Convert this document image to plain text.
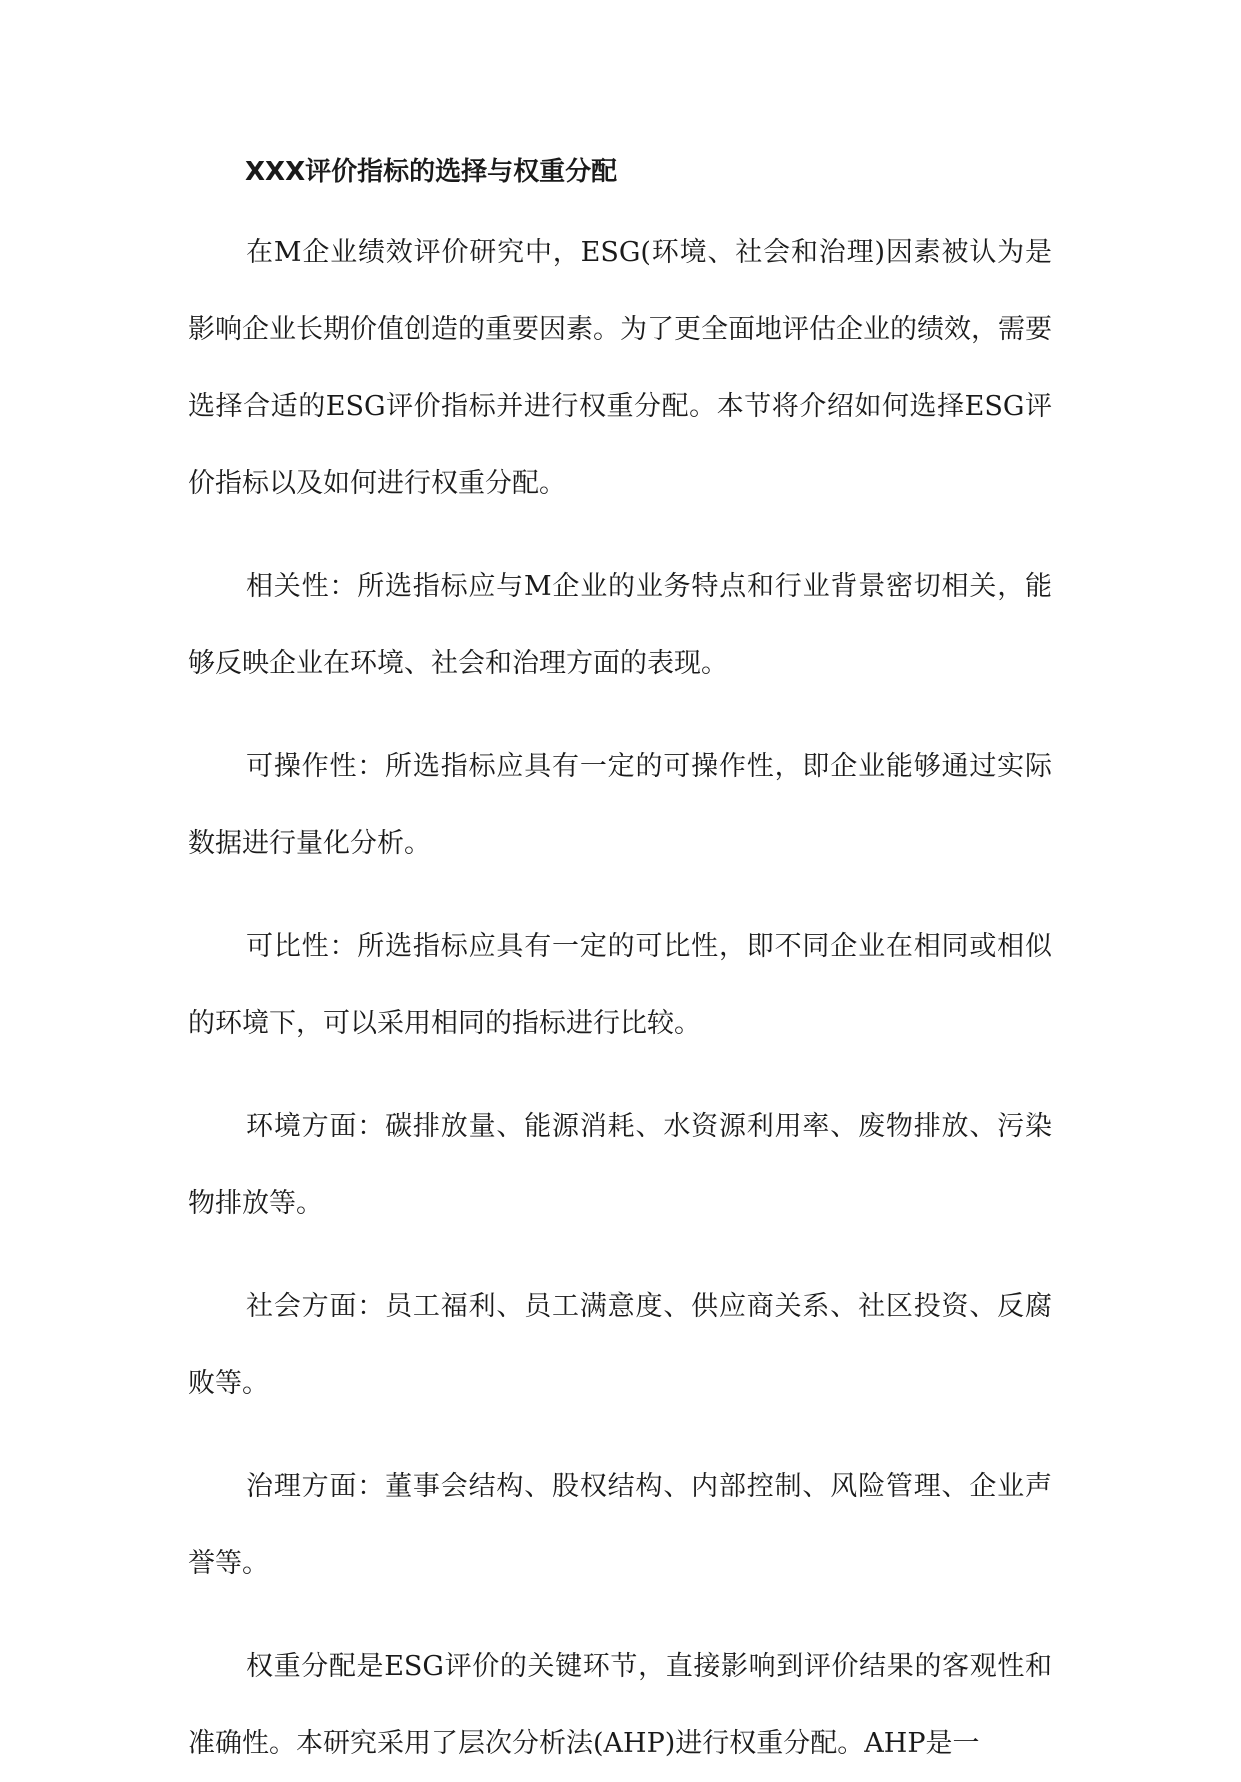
XXX评价指标的选择与权重分配

在M企业绩效评价研究中，ESG(环境、社会和治理)因素被认为是影响企业长期价值创造的重要因素。为了更全面地评估企业的绩效，需要选择合适的ESG评价指标并进行权重分配。本节将介绍如何选择ESG评价指标以及如何进行权重分配。

相关性：所选指标应与M企业的业务特点和行业背景密切相关，能够反映企业在环境、社会和治理方面的表现。

可操作性：所选指标应具有一定的可操作性，即企业能够通过实际数据进行量化分析。

可比性：所选指标应具有一定的可比性，即不同企业在相同或相似的环境下，可以采用相同的指标进行比较。

环境方面：碳排放量、能源消耗、水资源利用率、废物排放、污染物排放等。

社会方面：员工福利、员工满意度、供应商关系、社区投资、反腐败等。

治理方面：董事会结构、股权结构、内部控制、风险管理、企业声誉等。

权重分配是ESG评价的关键环节，直接影响到评价结果的客观性和准确性。本研究采用了层次分析法(AHP)进行权重分配。AHP是一
